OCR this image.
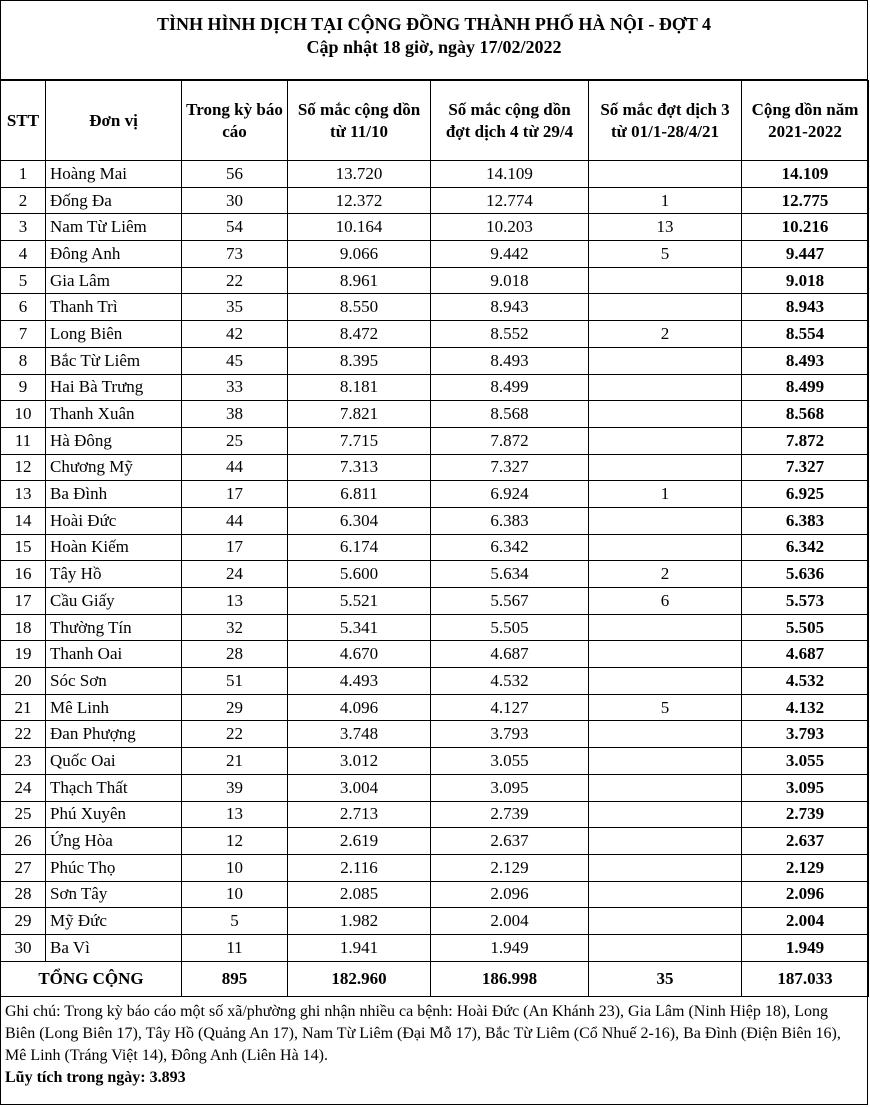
TÌNH HÌNH DỊCH TẠI CỘNG ĐỒNG THÀNH PHỐ HÀ NỘI - ĐỢT 4
Cập nhật 18 giờ, ngày 17/02/2022
STT	Đơn vị	Trong kỳ báo cáo	Số mắc cộng dồn từ 11/10	Số mắc cộng dồn đợt dịch 4 từ 29/4	Số mắc đợt dịch 3 từ 01/1-28/4/21	Cộng dồn năm 2021-2022
1	Hoàng Mai	56	13.720	14.109		14.109
2	Đống Đa	30	12.372	12.774	1	12.775
3	Nam Từ Liêm	54	10.164	10.203	13	10.216
4	Đông Anh	73	9.066	9.442	5	9.447
5	Gia Lâm	22	8.961	9.018		9.018
6	Thanh Trì	35	8.550	8.943		8.943
7	Long Biên	42	8.472	8.552	2	8.554
8	Bắc Từ Liêm	45	8.395	8.493		8.493
9	Hai Bà Trưng	33	8.181	8.499		8.499
10	Thanh Xuân	38	7.821	8.568		8.568
11	Hà Đông	25	7.715	7.872		7.872
12	Chương Mỹ	44	7.313	7.327		7.327
13	Ba Đình	17	6.811	6.924	1	6.925
14	Hoài Đức	44	6.304	6.383		6.383
15	Hoàn Kiếm	17	6.174	6.342		6.342
16	Tây Hồ	24	5.600	5.634	2	5.636
17	Cầu Giấy	13	5.521	5.567	6	5.573
18	Thường Tín	32	5.341	5.505		5.505
19	Thanh Oai	28	4.670	4.687		4.687
20	Sóc Sơn	51	4.493	4.532		4.532
21	Mê Linh	29	4.096	4.127	5	4.132
22	Đan Phượng	22	3.748	3.793		3.793
23	Quốc Oai	21	3.012	3.055		3.055
24	Thạch Thất	39	3.004	3.095		3.095
25	Phú Xuyên	13	2.713	2.739		2.739
26	Ứng Hòa	12	2.619	2.637		2.637
27	Phúc Thọ	10	2.116	2.129		2.129
28	Sơn Tây	10	2.085	2.096		2.096
29	Mỹ Đức	5	1.982	2.004		2.004
30	Ba Vì	11	1.941	1.949		1.949
TỔNG CỘNG		895	182.960	186.998	35	187.033
Ghi chú: Trong kỳ báo cáo một số xã/phường ghi nhận nhiều ca bệnh: Hoài Đức (An Khánh 23), Gia Lâm (Ninh Hiệp 18), Long Biên (Long Biên 17), Tây Hồ (Quảng An 17), Nam Từ Liêm (Đại Mỗ 17), Bắc Từ Liêm (Cổ Nhuế 2-16), Ba Đình (Điện Biên 16), Mê Linh (Tráng Việt 14), Đông Anh (Liên Hà 14).
Lũy tích trong ngày: 3.893
